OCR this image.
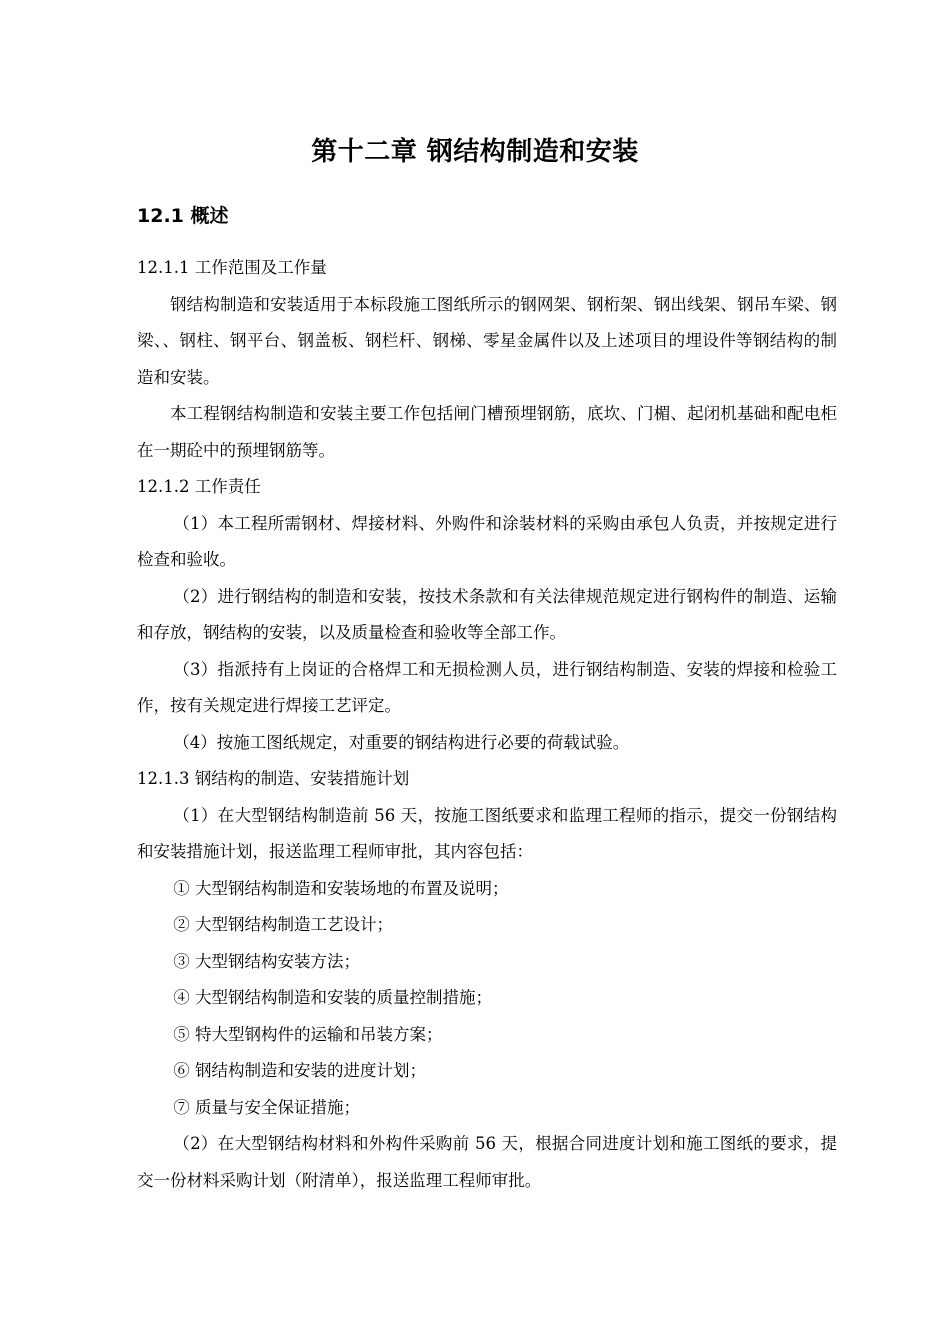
第十二章 钢结构制造和安装
12.1 概述

12.1.1 工作范围及工作量

钢结构制造和安装适用于本标段施工图纸所示的钢网架、钢桁架、钢出线架、钢吊车梁、钢梁、、钢柱、钢平台、钢盖板、钢栏杆、钢梯、零星金属件以及上述项目的埋设件等钢结构的制造和安装。

本工程钢结构制造和安装主要工作包括闸门槽预埋钢筋，底坎、门楣、起闭机基础和配电柜在一期砼中的预埋钢筋等。

12.1.2 工作责任

（1）本工程所需钢材、焊接材料、外购件和涂装材料的采购由承包人负责，并按规定进行检查和验收。

（2）进行钢结构的制造和安装，按技术条款和有关法律规范规定进行钢构件的制造、运输和存放，钢结构的安装，以及质量检查和验收等全部工作。

（3）指派持有上岗证的合格焊工和无损检测人员，进行钢结构制造、安装的焊接和检验工作，按有关规定进行焊接工艺评定。

（4）按施工图纸规定，对重要的钢结构进行必要的荷载试验。

12.1.3 钢结构的制造、安装措施计划

（1）在大型钢结构制造前 56 天，按施工图纸要求和监理工程师的指示，提交一份钢结构和安装措施计划，报送监理工程师审批，其内容包括：

① 大型钢结构制造和安装场地的布置及说明；

② 大型钢结构制造工艺设计；

③ 大型钢结构安装方法；

④ 大型钢结构制造和安装的质量控制措施；

⑤ 特大型钢构件的运输和吊装方案；

⑥ 钢结构制造和安装的进度计划；

⑦ 质量与安全保证措施；

（2）在大型钢结构材料和外构件采购前 56 天，根据合同进度计划和施工图纸的要求，提交一份材料采购计划（附清单），报送监理工程师审批。
